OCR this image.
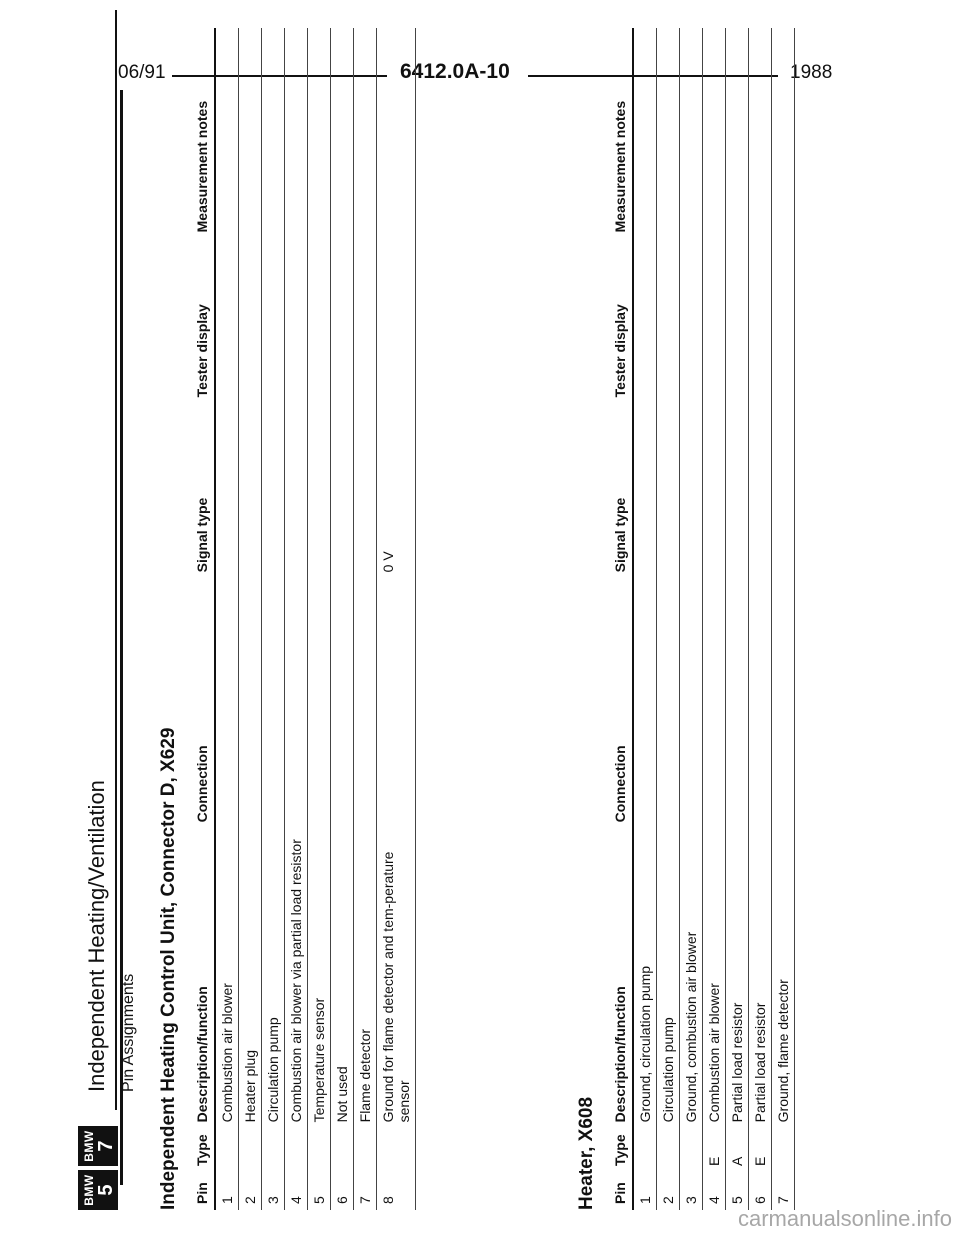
06/91	6412.0A-10	1988
BMW 5
BMW 7
Independent Heating/Ventilation Pin Assignments Independent Heating Control Unit, Connector D, X629 Pin	Type	Description/function	Connection	Signal type	Tester display	Measurement notes
1		Combustion air blower				
2		Heater plug				
3		Circulation pump				
4		Combustion air blower via partial load resistor				
5		Temperature sensor				
6		Not used				
7		Flame detector				
8		Ground for flame detector and tem-perature sensor		0 V		
Heater, X608 Pin	Type	Description/function	Connection	Signal type	Tester display	Measurement notes
1		Ground, circulation pump				
2		Circulation pump				
3		Ground, combustion air blower				
4	E	Combustion air blower				
5	A	Partial load resistor				
6	E	Partial load resistor				
7		Ground, flame detector				
carmanualsonline.info
